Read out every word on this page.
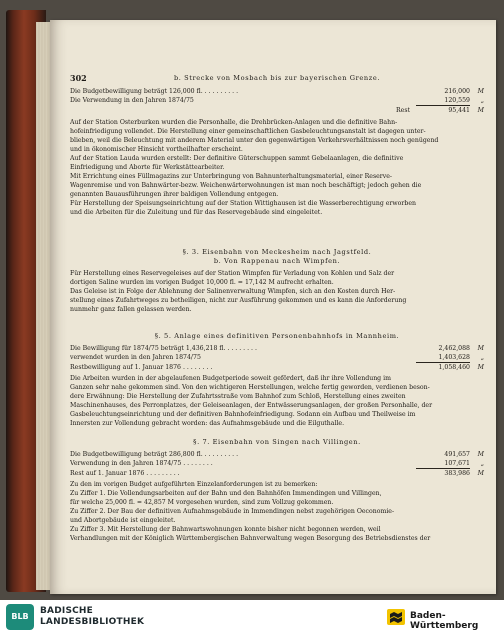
302	b. Strecke von Mosbach bis zur bayerischen Grenze.
Die Budgetbewilligung beträgt 126,000 fl. . . . . . . . . .	216,000	M
Die Verwendung in den Jahren 1874/75	120,559	„
Rest	95,441	M
Auf der Station Osterburken wurden die Personhalle, die Drehbrücken-Anlagen und die definitive Bahn-
hofeinfriedigung vollendet. Die Herstellung einer gemeinschaftlichen Gasbeleuchtungsanstalt ist dagegen unter-
blieben, weil die Beleuchtung mit anderem Material unter den gegenwärtigen Verkehrsverhältnissen noch genügend
und in ökonomischer Hinsicht vortheilhafter erscheint.
Auf der Station Lauda wurden erstellt: Der definitive Güterschuppen sammt Gebelaanlagen, die definitive
Einfriedigung und Aborte für Werkstättearbeiter.
Mit Errichtung eines Füllmagazins zur Unterbringung von Bahnunterhaltungsmaterial, einer Reserve-
Wagenremise und von Bahnwärter-bezw. Weichenwärterwohnungen ist man noch beschäftigt; jedoch gehen die
genannten Bauausführungen ihrer baldigen Vollendung entgegen.
Für Herstellung der Speisungseinrichtung auf der Station Wittighausen ist die Wasserberechtigung erworben
und die Arbeiten für die Zuleitung und für das Reservegebäude sind eingeleitet.
§. 3. Eisenbahn von Meckesheim nach Jagstfeld.
b. Von Rappenau nach Wimpfen.
Für Herstellung eines Reservegeleises auf der Station Wimpfen für Verladung von Kohlen und Salz der
dortigen Saline wurden im vorigen Budget 10,000 fl. = 17,142 M aufrecht erhalten.
Das Geleise ist in Folge der Ablehnung der Salinenverwaltung Wimpfen, sich an den Kosten durch Her-
stellung eines Zufahrtweges zu betheiligen, nicht zur Ausführung gekommen und es kann die Anforderung
nunmehr ganz fallen gelassen werden.
§. 5. Anlage eines definitiven Personenbahnhofs in Mannheim.
Die Bewilligung für 1874/75 beträgt 1,436,218 fl. . . . . . . . .	2,462,088	M
verwendet wurden in den Jahren 1874/75	1,403,628	„
Restbewilligung auf 1. Januar 1876 . . . . . . . .	1,058,460	M
Die Arbeiten wurden in der abgelaufenen Budgetperiode soweit gefördert, daß ihr ihre Vollendung im
Ganzen sehr nahe gekommen sind. Von den wichtigeren Herstellungen, welche fertig geworden, verdienen beson-
dere Erwähnung: Die Herstellung der Zufahrtsstraße vom Bahnhof zum Schloß, Herstellung eines zweiten
Maschinenhauses, des Perronplatzes, der Geleiseanlagen, der Entwässerungsanlagen, der großen Personhalle, der
Gasbeleuchtungseinrichtung und der definitiven Bahnhofeinfriedigung. Sodann ein Aufbau und Theilweise im
Innersten zur Vollendung gebracht worden: das Aufnahmsgebäude und die Eilguthalle.
§. 7. Eisenbahn von Singen nach Villingen.
Die Budgetbewilligung beträgt 286,800 fl. . . . . . . . . .	491,657	M
Verwendung in den Jahren 1874/75 . . . . . . . .	107,671	„
Rest auf 1. Januar 1876 . . . . . . . . .	383,986	M
Zu den im vorigen Budget aufgeführten Einzelanforderungen ist zu bemerken:
Zu Ziffer 1. Die Vollendungsarbeiten auf der Bahn und den Bahnhöfen Immendingen und Villingen,
für welche 25,000 fl. = 42,857 M vorgesehen wurden, sind zum Vollzug gekommen.
Zu Ziffer 2. Der Bau der definitiven Aufnahmsgebäude in Immendingen nebst zugehörigen Oeconomie-
und Abortgebäude ist eingeleitet.
Zu Ziffer 3. Mit Herstellung der Bahnwartswohnungen konnte bisher nicht begonnen werden, weil
Verhandlungen mit der Königlich Württembergischen Bahnverwaltung wegen Besorgung des Betriebsdienstes der
BLB
BADISCHE
LANDESBIBLIOTHEK
Baden-Württemberg
